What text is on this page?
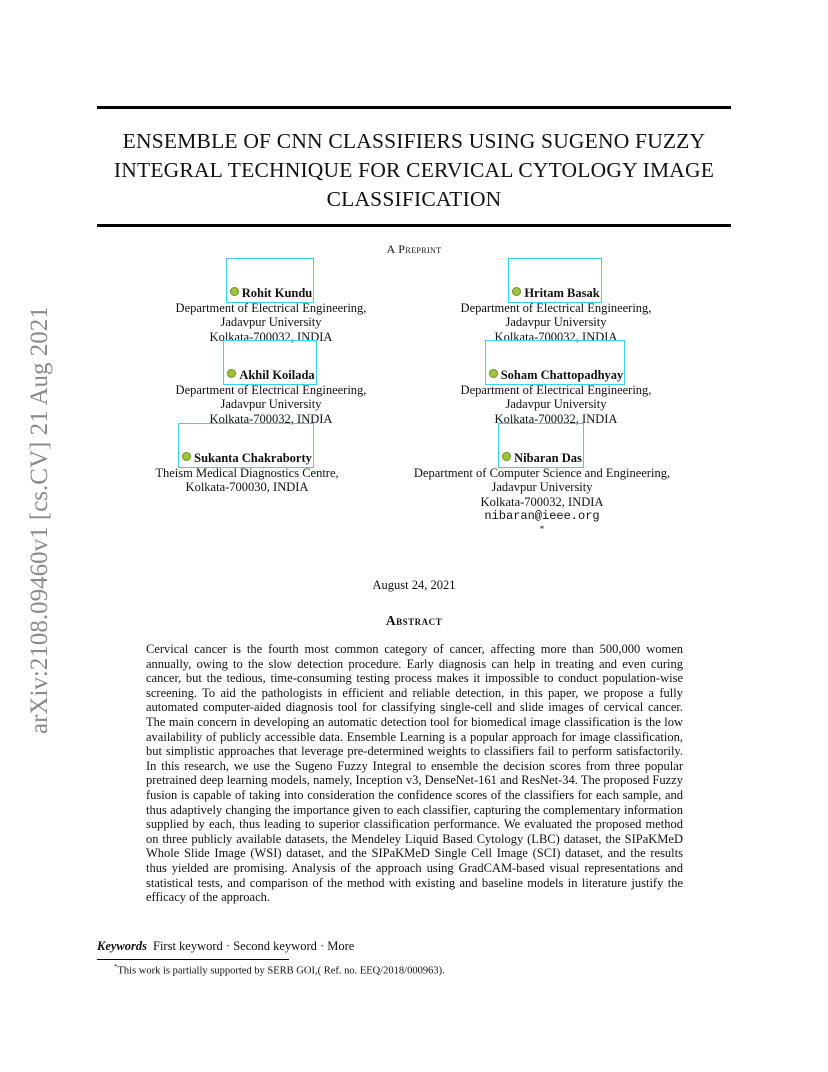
arXiv:2108.09460v1 [cs.CV] 21 Aug 2021
ENSEMBLE OF CNN CLASSIFIERS USING SUGENO FUZZY
INTEGRAL TECHNIQUE FOR CERVICAL CYTOLOGY IMAGE
CLASSIFICATION
A Preprint
Rohit Kundu
Department of Electrical Engineering,
Jadavpur University
Kolkata-700032, INDIA
Hritam Basak
Department of Electrical Engineering,
Jadavpur University
Kolkata-700032, INDIA
Akhil Koilada
Department of Electrical Engineering,
Jadavpur University
Kolkata-700032, INDIA
Soham Chattopadhyay
Department of Electrical Engineering,
Jadavpur University
Kolkata-700032, INDIA
Sukanta Chakraborty
Theism Medical Diagnostics Centre,
Kolkata-700030, INDIA
Nibaran Das
Department of Computer Science and Engineering,
Jadavpur University
Kolkata-700032, INDIA
nibaran@ieee.org
*
August 24, 2021
Abstract
Cervical cancer is the fourth most common category of cancer, affecting more than 500,000 women annually, owing to the slow detection procedure. Early diagnosis can help in treating and even curing cancer, but the tedious, time-consuming testing process makes it impossible to conduct population-wise screening. To aid the pathologists in efficient and reliable detection, in this paper, we propose a fully automated computer-aided diagnosis tool for classifying single-cell and slide images of cervical cancer. The main concern in developing an automatic detection tool for biomedical image classification is the low availability of publicly accessible data. Ensemble Learning is a popular approach for image classification, but simplistic approaches that leverage pre-determined weights to classifiers fail to perform satisfactorily. In this research, we use the Sugeno Fuzzy Integral to ensemble the decision scores from three popular pretrained deep learning models, namely, Inception v3, DenseNet-161 and ResNet-34. The proposed Fuzzy fusion is capable of taking into consideration the confidence scores of the classifiers for each sample, and thus adaptively changing the importance given to each classifier, capturing the complementary information supplied by each, thus leading to superior classification performance. We evaluated the proposed method on three publicly available datasets, the Mendeley Liquid Based Cytology (LBC) dataset, the SIPaKMeD Whole Slide Image (WSI) dataset, and the SIPaKMeD Single Cell Image (SCI) dataset, and the results thus yielded are promising. Analysis of the approach using GradCAM-based visual representations and statistical tests, and comparison of the method with existing and baseline models in literature justify the efficacy of the approach.
Keywords First keyword · Second keyword · More
*This work is partially supported by SERB GOI,( Ref. no. EEQ/2018/000963).
